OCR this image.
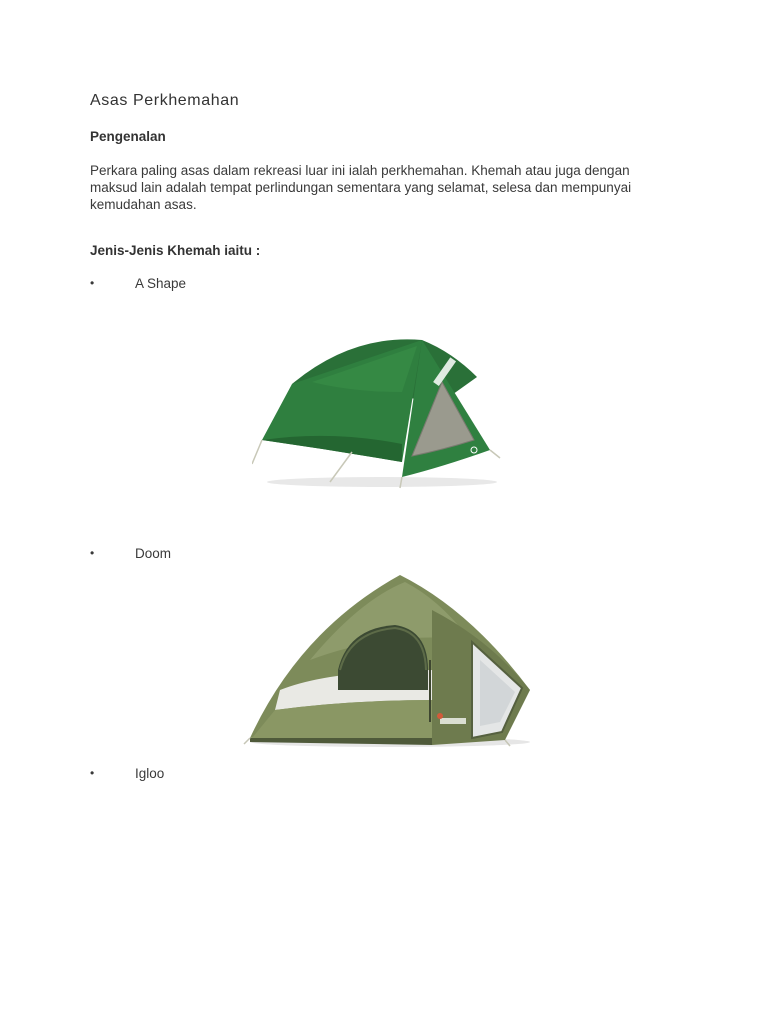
Asas Perkhemahan
Pengenalan

Perkara paling asas dalam rekreasi luar ini ialah perkhemahan. Khemah atau juga dengan
maksud lain adalah tempat perlindungan sementara yang selamat, selesa dan mempunyai
kemudahan asas.

Jenis-Jenis Khemah iaitu :
•	A Shape
•	Doom
•	Igloo
